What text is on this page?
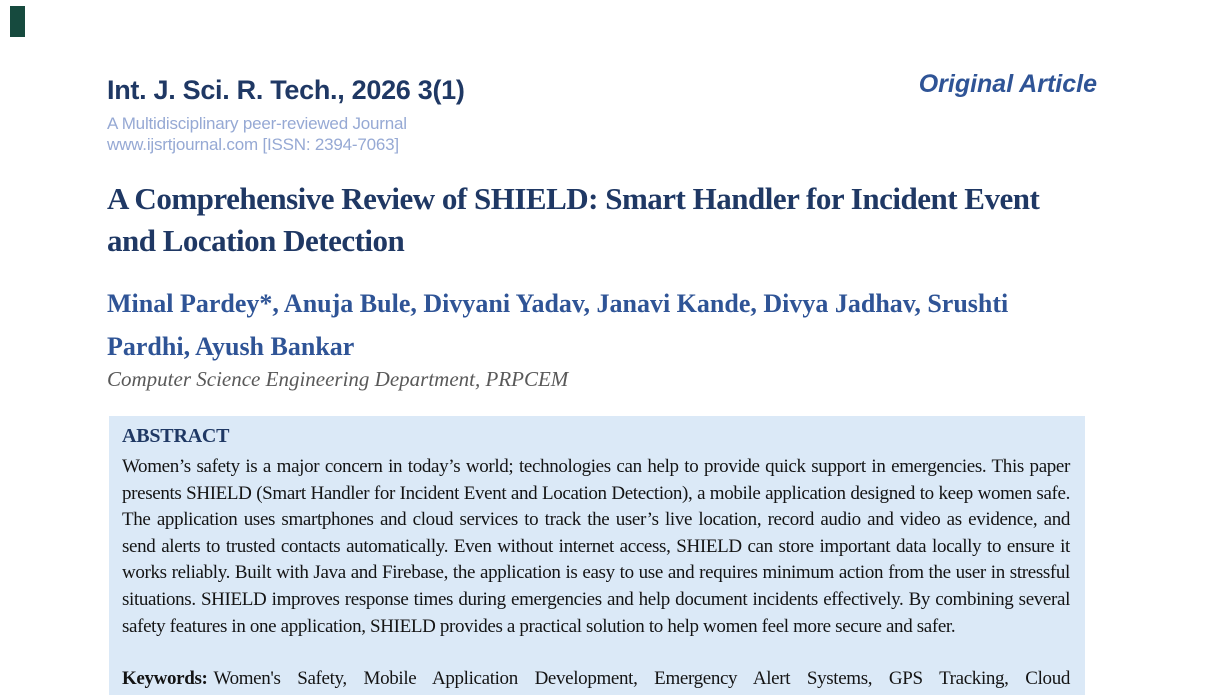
Int. J. Sci. R. Tech., 2026 3(1)
A Multidisciplinary peer-reviewed Journal
www.ijsrtjournal.com [ISSN: 2394-7063]
Original Article
A Comprehensive Review of SHIELD: Smart Handler for Incident Event and Location Detection
Minal Pardey*, Anuja Bule, Divyani Yadav, Janavi Kande, Divya Jadhav, Srushti Pardhi, Ayush Bankar
Computer Science Engineering Department, PRPCEM
ABSTRACT
Women’s safety is a major concern in today’s world; technologies can help to provide quick support in emergencies. This paper presents SHIELD (Smart Handler for Incident Event and Location Detection), a mobile application designed to keep women safe. The application uses smartphones and cloud services to track the user’s live location, record audio and video as evidence, and send alerts to trusted contacts automatically. Even without internet access, SHIELD can store important data locally to ensure it works reliably. Built with Java and Firebase, the application is easy to use and requires minimum action from the user in stressful situations. SHIELD improves response times during emergencies and help document incidents effectively. By combining several safety features in one application, SHIELD provides a practical solution to help women feel more secure and safer.
Keywords: Women's Safety, Mobile Application Development, Emergency Alert Systems, GPS Tracking, Cloud
